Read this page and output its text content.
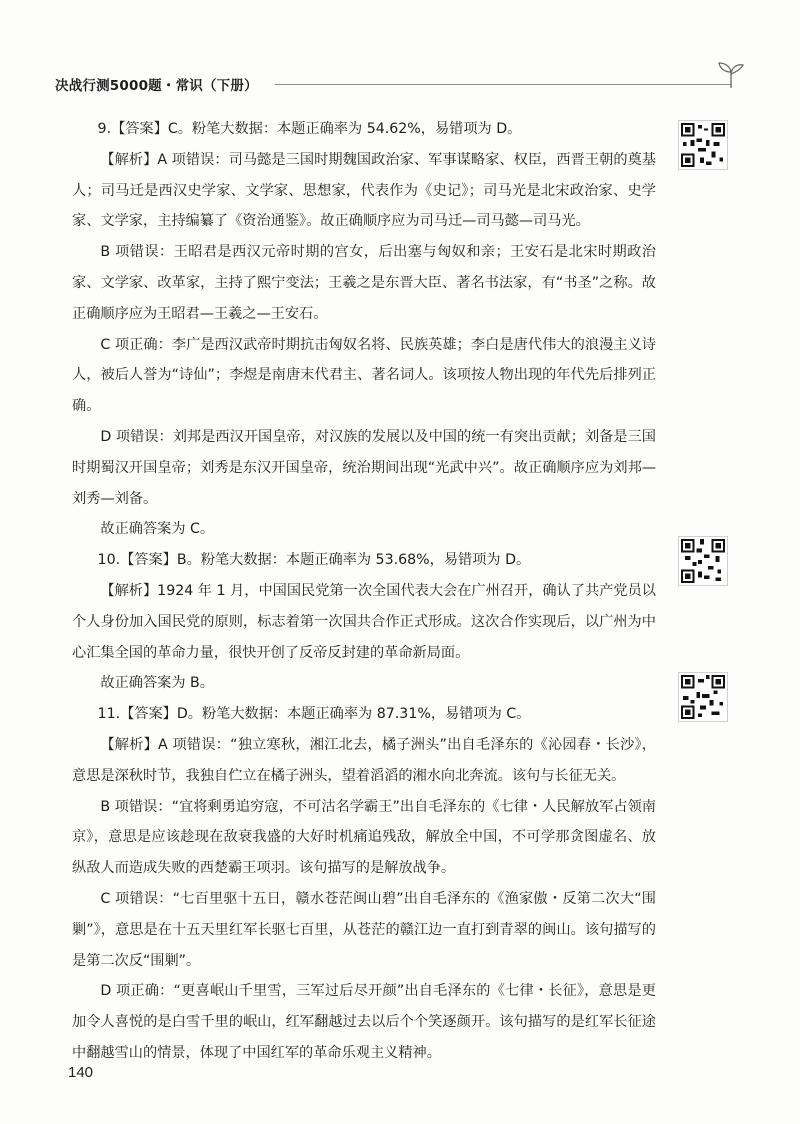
决战行测5000题・常识（下册）

9.【答案】C。粉笔大数据：本题正确率为 54.62%，易错项为 D。

【解析】A 项错误：司马懿是三国时期魏国政治家、军事谋略家、权臣，西晋王朝的奠基人；司马迁是西汉史学家、文学家、思想家，代表作为《史记》；司马光是北宋政治家、史学家、文学家，主持编纂了《资治通鉴》。故正确顺序应为司马迁—司马懿—司马光。

B 项错误：王昭君是西汉元帝时期的宫女，后出塞与匈奴和亲；王安石是北宋时期政治家、文学家、改革家，主持了熙宁变法；王羲之是东晋大臣、著名书法家，有“书圣”之称。故正确顺序应为王昭君—王羲之—王安石。

C 项正确：李广是西汉武帝时期抗击匈奴名将、民族英雄；李白是唐代伟大的浪漫主义诗人，被后人誉为“诗仙”；李煜是南唐末代君主、著名词人。该项按人物出现的年代先后排列正确。

D 项错误：刘邦是西汉开国皇帝，对汉族的发展以及中国的统一有突出贡献；刘备是三国时期蜀汉开国皇帝；刘秀是东汉开国皇帝，统治期间出现“光武中兴”。故正确顺序应为刘邦—刘秀—刘备。

故正确答案为 C。

10.【答案】B。粉笔大数据：本题正确率为 53.68%，易错项为 D。

【解析】1924 年 1 月，中国国民党第一次全国代表大会在广州召开，确认了共产党员以个人身份加入国民党的原则，标志着第一次国共合作正式形成。这次合作实现后，以广州为中心汇集全国的革命力量，很快开创了反帝反封建的革命新局面。

故正确答案为 B。

11.【答案】D。粉笔大数据：本题正确率为 87.31%，易错项为 C。

【解析】A 项错误：“独立寒秋，湘江北去，橘子洲头”出自毛泽东的《沁园春・长沙》，意思是深秋时节，我独自伫立在橘子洲头，望着滔滔的湘水向北奔流。该句与长征无关。

B 项错误：“宜将剩勇追穷寇，不可沽名学霸王”出自毛泽东的《七律・人民解放军占领南京》，意思是应该趁现在敌衰我盛的大好时机痛追残敌，解放全中国，不可学那贪图虚名、放纵敌人而造成失败的西楚霸王项羽。该句描写的是解放战争。

C 项错误：“七百里驱十五日，赣水苍茫闽山碧”出自毛泽东的《渔家傲・反第二次大“围剿”》，意思是在十五天里红军长驱七百里，从苍茫的赣江边一直打到青翠的闽山。该句描写的是第二次反“围剿”。

D 项正确：“更喜岷山千里雪，三军过后尽开颜”出自毛泽东的《七律・长征》，意思是更加令人喜悦的是白雪千里的岷山，红军翻越过去以后个个笑逐颜开。该句描写的是红军长征途中翻越雪山的情景，体现了中国红军的革命乐观主义精神。

140
